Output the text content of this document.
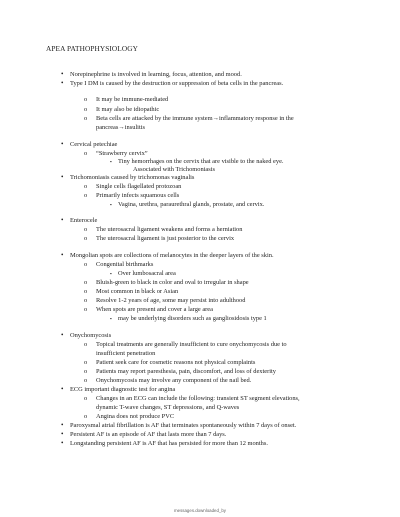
APEA PATHOPHYSIOLOGY
• Norepinephrine is involved in learning, focus, attention, and mood.
• Type I DM is caused by the destruction or suppression of beta cells in the pancreas.
o It may be immune-mediated
o It may also be idiopathic
o Beta cells are attacked by the immune system→inflammatory response in the
pancreas→insulitis
• Cervical petechiae
o “Strawberry cervix”
▪ Tiny hemorrhages on the cervix that are visible to the naked eye.
Associated with Trichomoniasis
• Trichomoniasis caused by trichomonas vaginalis
o Single cells flagellated protozoan
o Primarily infects squamous cells
▪ Vagina, urethra, paraurethral glands, prostate, and cervix.
• Enterocele
o The uterosacral ligament weakens and forms a herniation
o The uterosacral ligament is just posterior to the cervix
• Mongolian spots are collections of melanocytes in the deeper layers of the skin.
o Congenital birthmarks
▪ Over lumbosacral area
o Bluish-green to black in color and oval to irregular in shape
o Most common in black or Asian
o Resolve 1-2 years of age, some may persist into adulthood
o When spots are present and cover a large area
▪ may be underlying disorders such as gangliosidosis type 1
• Onychomycosis
o Topical treatments are generally insufficient to cure onychomycosis due to
insufficient penetration
o Patient seek care for cosmetic reasons not physical complaints
o Patients may report paresthesia, pain, discomfort, and loss of dexterity
o Onychomycosis may involve any component of the nail bed.
• ECG important diagnostic test for angina
o Changes in an ECG can include the following: transient ST segment elevations,
dynamic T-wave changes, ST depressions, and Q-waves
o Angina does not produce PVC
• Paroxysmal atrial fibrillation is AF that terminates spontaneously within 7 days of onset.
• Persistent AF is an episode of AF that lasts more than 7 days.
• Longstanding persistent AF is AF that has persisted for more than 12 months.
messages.downloaded_by
